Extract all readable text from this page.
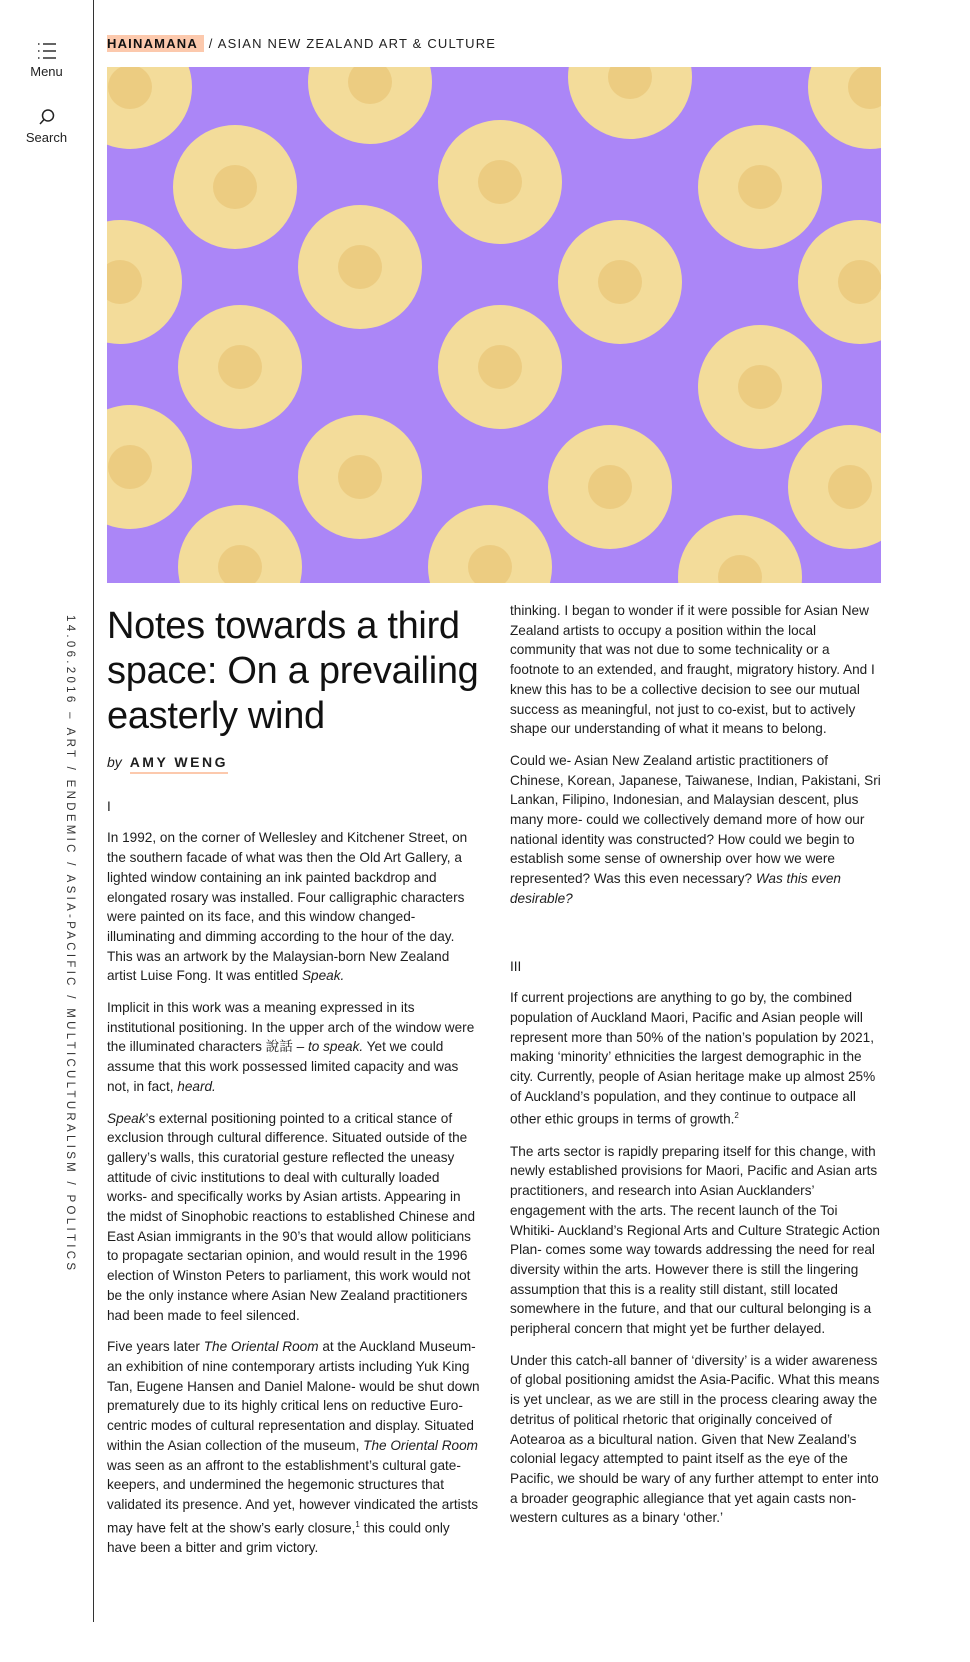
Menu
Search
14.06.2016 – ART / ENDEMIC / ASIA-PACIFIC / MULTICULTURALISM / POLITICS
HAINAMANA / ASIAN NEW ZEALAND ART & CULTURE
Notes towards a third space: On a prevailing easterly wind
by AMY WENG
I

In 1992, on the corner of Wellesley and Kitchener Street, on the southern facade of what was then the Old Art Gallery, a lighted window containing an ink painted backdrop and elongated rosary was installed. Four calligraphic characters were painted on its face, and this window changed- illuminating and dimming according to the hour of the day. This was an artwork by the Malaysian-born New Zealand artist Luise Fong. It was entitled Speak.

Implicit in this work was a meaning expressed in its institutional positioning. In the upper arch of the window were the illuminated characters 說話 – to speak. Yet we could assume that this work possessed limited capacity and was not, in fact, heard.

Speak’s external positioning pointed to a critical stance of exclusion through cultural difference. Situated outside of the gallery’s walls, this curatorial gesture reflected the uneasy attitude of civic institutions to deal with culturally loaded works- and specifically works by Asian artists. Appearing in the midst of Sinophobic reactions to established Chinese and East Asian immigrants in the 90’s that would allow politicians to propagate sectarian opinion, and would result in the 1996 election of Winston Peters to parliament, this work would not be the only instance where Asian New Zealand practitioners had been made to feel silenced.

Five years later The Oriental Room at the Auckland Museum- an exhibition of nine contemporary artists including Yuk King Tan, Eugene Hansen and Daniel Malone- would be shut down prematurely due to its highly critical lens on reductive Euro-centric modes of cultural representation and display. Situated within the Asian collection of the museum, The Oriental Room was seen as an affront to the establishment’s cultural gate-keepers, and undermined the hegemonic structures that validated its presence. And yet, however vindicated the artists may have felt at the show’s early closure,$^1$ this could only have been a bitter and grim victory.

thinking. I began to wonder if it were possible for Asian New Zealand artists to occupy a position within the local community that was not due to some technicality or a footnote to an extended, and fraught, migratory history. And I knew this has to be a collective decision to see our mutual success as meaningful, not just to co-exist, but to actively shape our understanding of what it means to belong.

Could we- Asian New Zealand artistic practitioners of Chinese, Korean, Japanese, Taiwanese, Indian, Pakistani, Sri Lankan, Filipino, Indonesian, and Malaysian descent, plus many more- could we collectively demand more of how our national identity was constructed? How could we begin to establish some sense of ownership over how we were represented? Was this even necessary? Was this even desirable?

III

If current projections are anything to go by, the combined population of Auckland Maori, Pacific and Asian people will represent more than 50% of the nation’s population by 2021, making ‘minority’ ethnicities the largest demographic in the city. Currently, people of Asian heritage make up almost 25% of Auckland’s population, and they continue to outpace all other ethic groups in terms of growth.$^2$

The arts sector is rapidly preparing itself for this change, with newly established provisions for Maori, Pacific and Asian arts practitioners, and research into Asian Aucklanders’ engagement with the arts. The recent launch of the Toi Whitiki- Auckland’s Regional Arts and Culture Strategic Action Plan- comes some way towards addressing the need for real diversity within the arts. However there is still the lingering assumption that this is a reality still distant, still located somewhere in the future, and that our cultural belonging is a peripheral concern that might yet be further delayed.

Under this catch-all banner of ‘diversity’ is a wider awareness of global positioning amidst the Asia-Pacific. What this means is yet unclear, as we are still in the process clearing away the detritus of political rhetoric that originally conceived of Aotearoa as a bicultural nation. Given that New Zealand’s colonial legacy attempted to paint itself as the eye of the Pacific, we should be wary of any further attempt to enter into a broader geographic allegiance that yet again casts non-western cultures as a binary ‘other.’
